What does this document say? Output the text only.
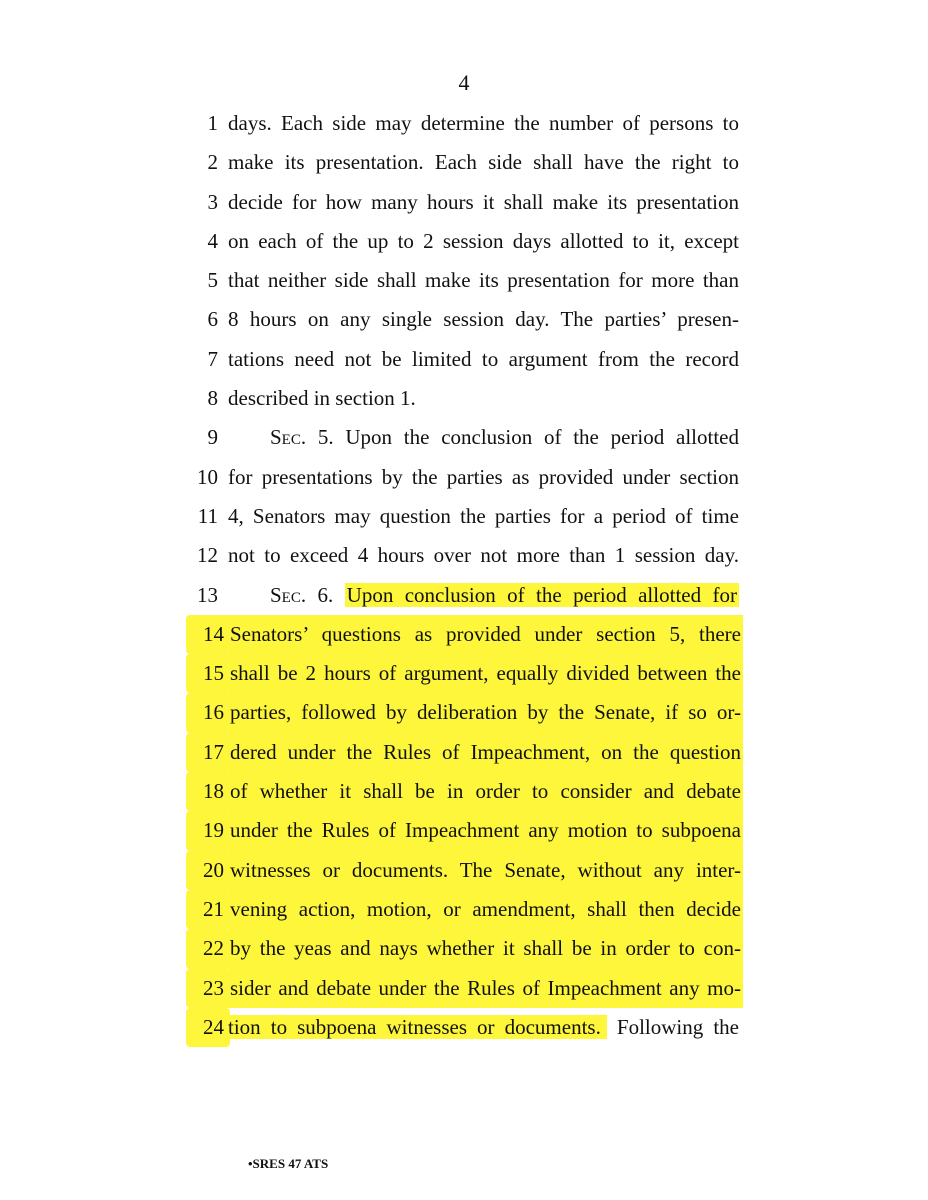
4
1 days. Each side may determine the number of persons to
2 make its presentation. Each side shall have the right to
3 decide for how many hours it shall make its presentation
4 on each of the up to 2 session days allotted to it, except
5 that neither side shall make its presentation for more than
6 8 hours on any single session day. The parties’ presen-
7 tations need not be limited to argument from the record
8 described in section 1.
9 Sec. 5. Upon the conclusion of the period allotted
10 for presentations by the parties as provided under section
11 4, Senators may question the parties for a period of time
12 not to exceed 4 hours over not more than 1 session day.
13 Sec. 6. Upon conclusion of the period allotted for
14 Senators’ questions as provided under section 5, there
15 shall be 2 hours of argument, equally divided between the
16 parties, followed by deliberation by the Senate, if so or-
17 dered under the Rules of Impeachment, on the question
18 of whether it shall be in order to consider and debate
19 under the Rules of Impeachment any motion to subpoena
20 witnesses or documents. The Senate, without any inter-
21 vening action, motion, or amendment, shall then decide
22 by the yeas and nays whether it shall be in order to con-
23 sider and debate under the Rules of Impeachment any mo-
24 tion to subpoena witnesses or documents. Following the
•SRES 47 ATS
